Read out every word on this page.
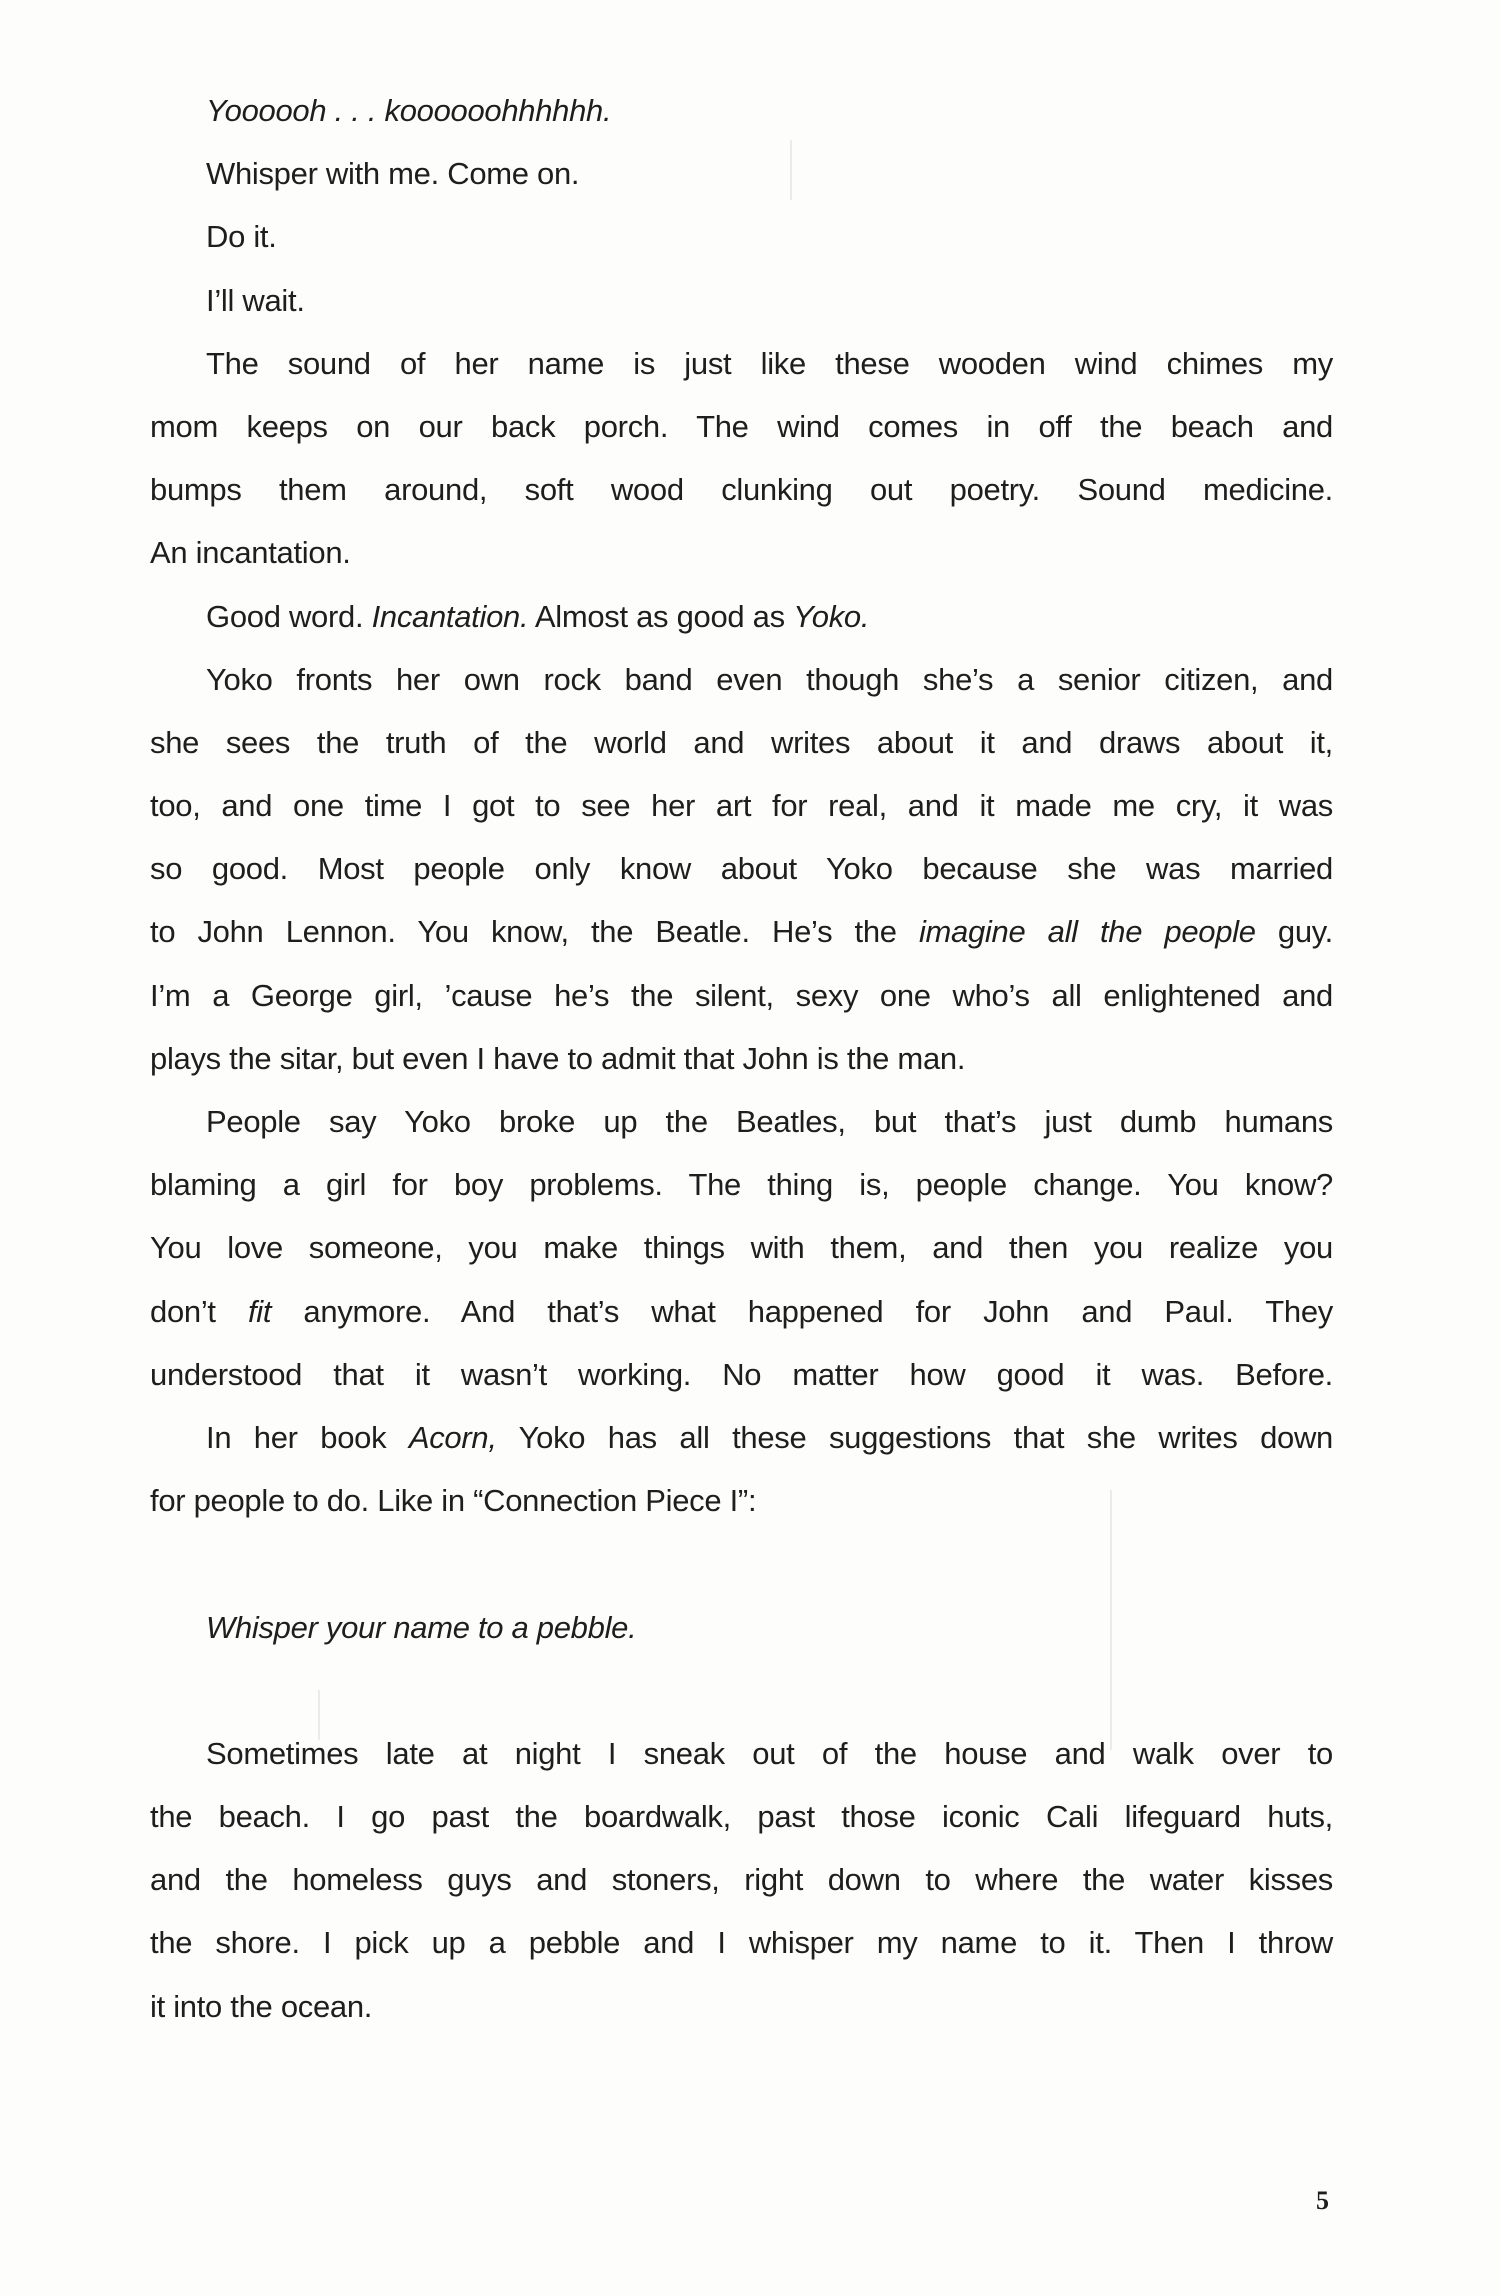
Yoooooh . . . koooooohhhhhh.
Whisper with me. Come on.
Do it.
I’ll wait.
The sound of her name is just like these wooden wind chimes my
mom keeps on our back porch. The wind comes in off the beach and
bumps them around, soft wood clunking out poetry. Sound medicine.
An incantation.
Good word. Incantation. Almost as good as Yoko.
Yoko fronts her own rock band even though she’s a senior citizen, and
she sees the truth of the world and writes about it and draws about it,
too, and one time I got to see her art for real, and it made me cry, it was
so good. Most people only know about Yoko because she was married
to John Lennon. You know, the Beatle. He’s the imagine all the people guy.
I’m a George girl, ’cause he’s the silent, sexy one who’s all enlightened and
plays the sitar, but even I have to admit that John is the man.
People say Yoko broke up the Beatles, but that’s just dumb humans
blaming a girl for boy problems. The thing is, people change. You know?
You love someone, you make things with them, and then you realize you
don’t fit anymore. And that’s what happened for John and Paul. They
understood that it wasn’t working. No matter how good it was. Before.
In her book Acorn, Yoko has all these suggestions that she writes down
for people to do. Like in “Connection Piece I”:
Whisper your name to a pebble.
Sometimes late at night I sneak out of the house and walk over to
the beach. I go past the boardwalk, past those iconic Cali lifeguard huts,
and the homeless guys and stoners, right down to where the water kisses
the shore. I pick up a pebble and I whisper my name to it. Then I throw
it into the ocean.
5
